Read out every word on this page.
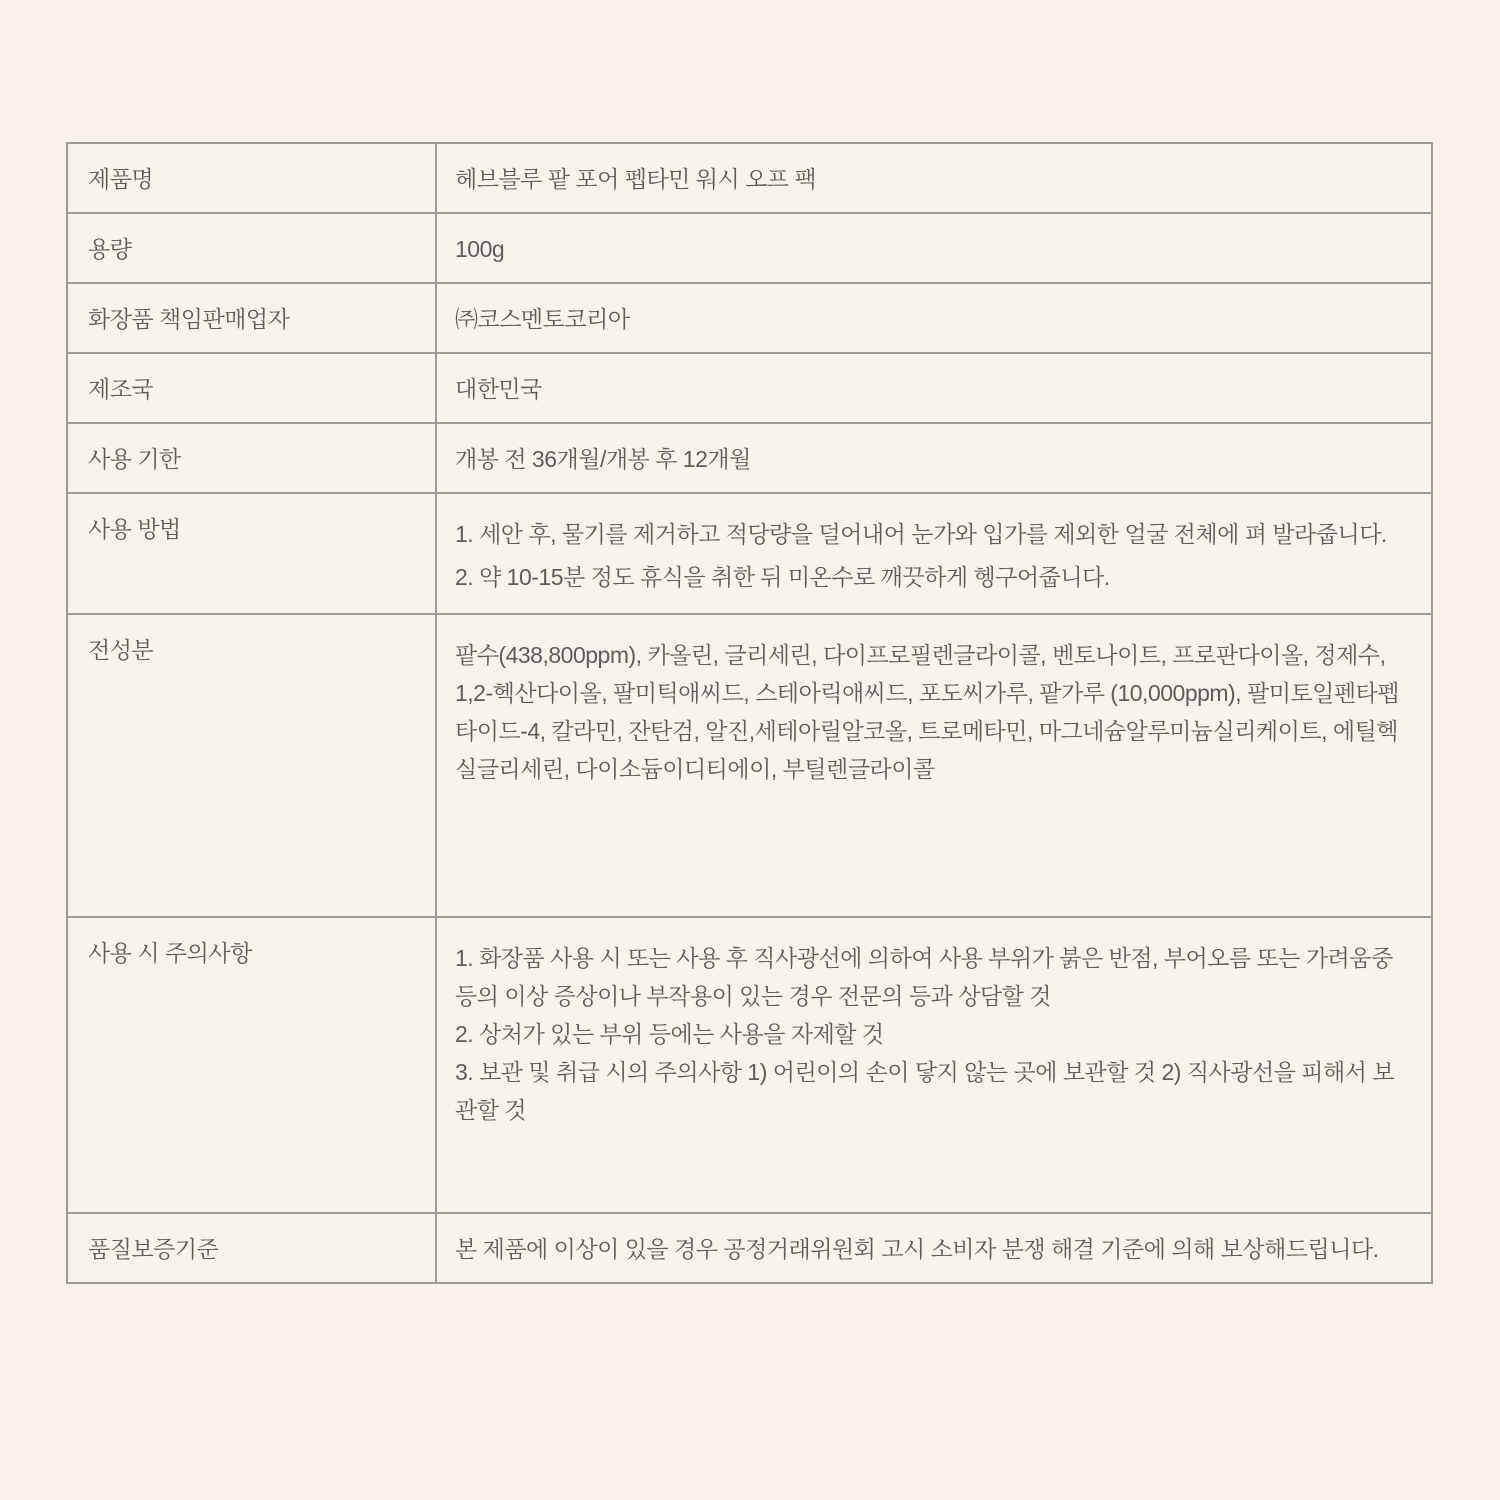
제품명	헤브블루 팥 포어 펩타민 워시 오프 팩
용량	100g
화장품 책임판매업자	㈜코스멘토코리아
제조국	대한민국
사용 기한	개봉 전 36개월/개봉 후 12개월
사용 방법	1. 세안 후, 물기를 제거하고 적당량을 덜어내어 눈가와 입가를 제외한 얼굴 전체에 펴 발라줍니다.

2. 약 10-15분 정도 휴식을 취한 뒤 미온수로 깨끗하게 헹구어줍니다.

전성분	팥수(438,800ppm), 카올린, 글리세린, 다이프로필렌글라이콜, 벤토나이트, 프로판다이올, 정제수, 1,2-헥산다이올, 팔미틱애씨드, 스테아릭애씨드, 포도씨가루, 팥가루 (10,000ppm), 팔미토일펜타펩타이드-4, 칼라민, 잔탄검, 알진,세테아릴알코올, 트로메타민, 마그네슘알루미늄실리케이트, 에틸헥실글리세린, 다이소듐이디티에이, 부틸렌글라이콜

사용 시 주의사항	1. 화장품 사용 시 또는 사용 후 직사광선에 의하여 사용 부위가 붉은 반점, 부어오름 또는 가려움중 등의 이상 증상이나 부작용이 있는 경우 전문의 등과 상담할 것

2. 상처가 있는 부위 등에는 사용을 자제할 것

3. 보관 및 취급 시의 주의사항 1) 어린이의 손이 닿지 않는 곳에 보관할 것 2) 직사광선을 피해서 보관할 것

품질보증기준	본 제품에 이상이 있을 경우 공정거래위원회 고시 소비자 분쟁 해결 기준에 의해 보상해드립니다.
